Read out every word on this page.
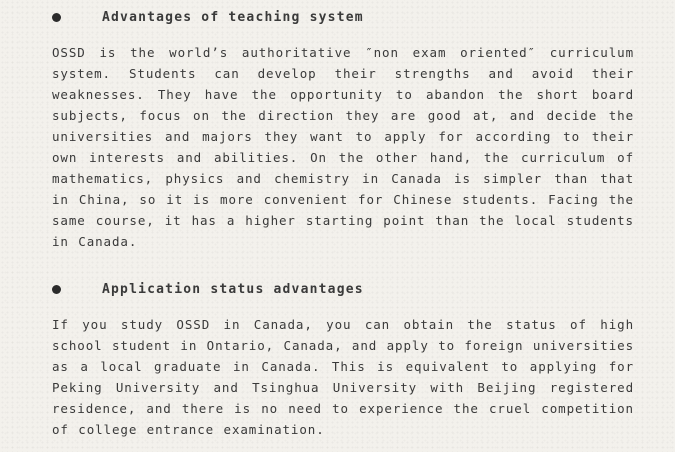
Advantages of teaching system

OSSD is the world’s authoritative ″non exam oriented″ curriculum system. Students can develop their strengths and avoid their weaknesses. They have the opportunity to abandon the short board subjects, focus on the direction they are good at, and decide the universities and majors they want to apply for according to their own interests and abilities. On the other hand, the curriculum of mathematics, physics and chemistry in Canada is simpler than that in China, so it is more convenient for Chinese students. Facing the same course, it has a higher starting point than the local students in Canada.

Application status advantages

If you study OSSD in Canada, you can obtain the status of high school student in Ontario, Canada, and apply to foreign universities as a local graduate in Canada. This is equivalent to applying for Peking University and Tsinghua University with Beijing registered residence, and there is no need to experience the cruel competition of college entrance examination.
